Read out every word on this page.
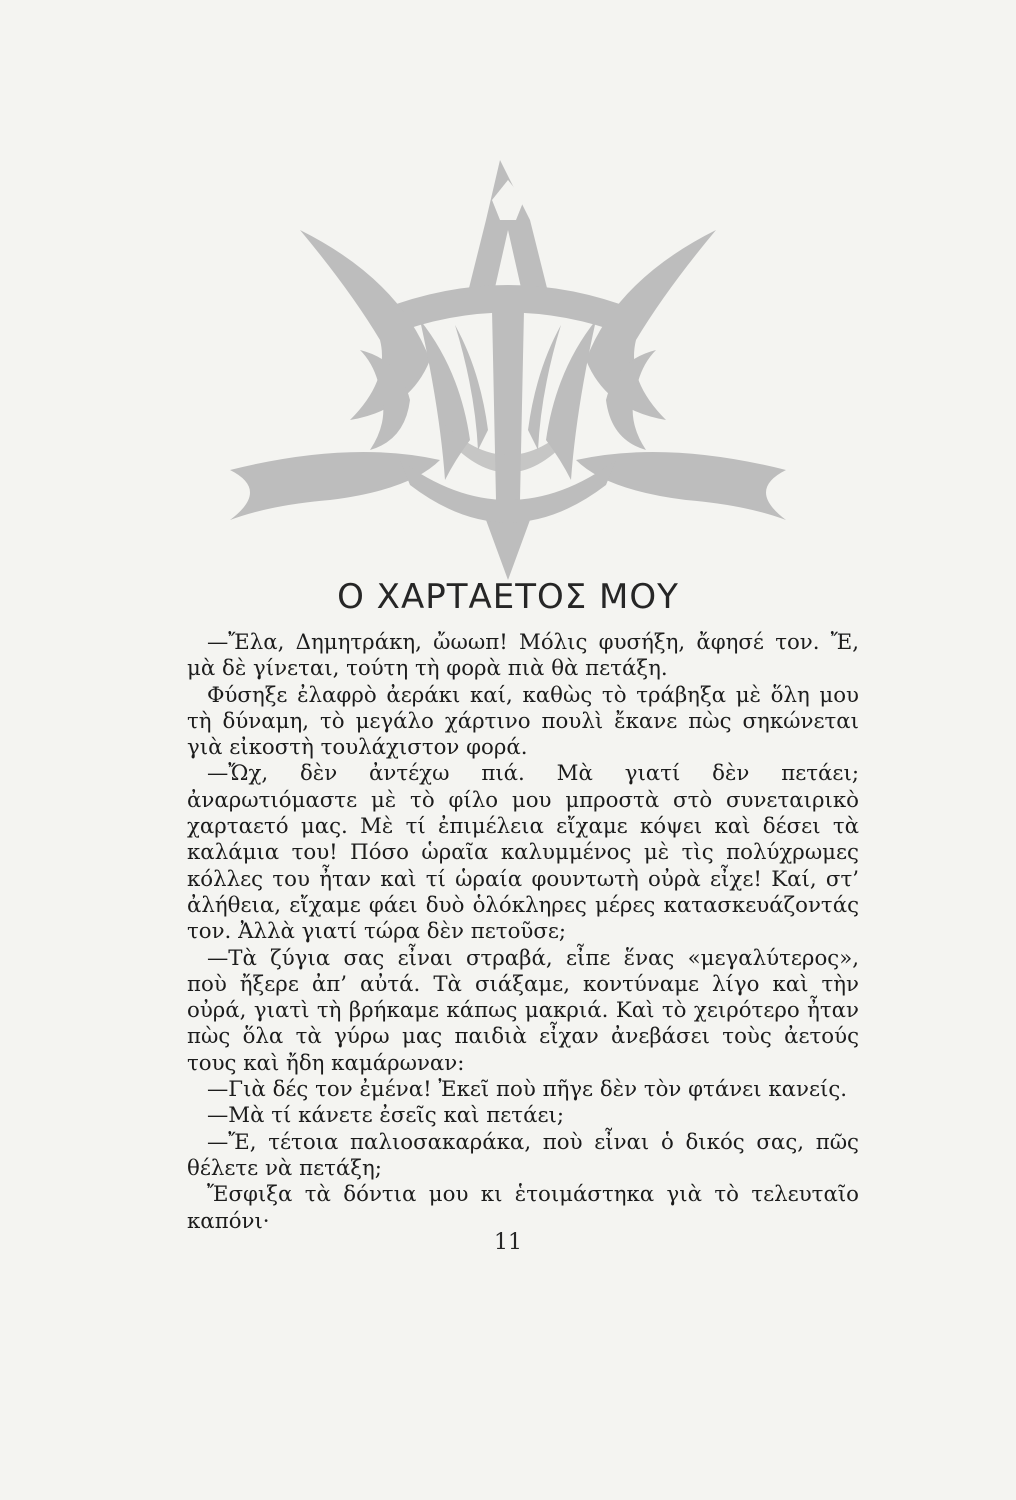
Ο ΧΑΡΤΑΕΤΟΣ ΜΟΥ

—Ἔλα, Δημητράκη, ὤωωπ! Μόλις φυσήξη, ἄφησέ τον. Ἔ, μὰ δὲ γίνεται, τούτη τὴ φορὰ πιὰ θὰ πετάξη.

Φύσηξε ἐλαφρὸ ἀεράκι καί, καθὼς τὸ τράβηξα μὲ ὅλη μου τὴ δύναμη, τὸ μεγάλο χάρτινο πουλὶ ἔκανε πὼς σηκώνεται γιὰ εἰκοστὴ τουλάχιστον φορά.

—Ὤχ, δὲν ἀντέχω πιά. Μὰ γιατί δὲν πετάει; ἀναρωτιόμαστε μὲ τὸ φίλο μου μπροστὰ στὸ συνεταιρικὸ χαρταετό μας. Μὲ τί ἐπιμέλεια εἴχαμε κόψει καὶ δέσει τὰ καλάμια του! Πόσο ὡραῖα καλυμμένος μὲ τὶς πολύχρωμες κόλλες του ἦταν καὶ τί ὡραία φουντωτὴ οὐρὰ εἶχε! Καί, στ’ ἀλήθεια, εἴχαμε φάει δυὸ ὁλόκληρες μέρες κατασκευάζοντάς τον. Ἀλλὰ γιατί τώρα δὲν πετοῦσε;

—Τὰ ζύγια σας εἶναι στραβά, εἶπε ἕνας «μεγαλύτερος», ποὺ ἤξερε ἀπ’ αὐτά. Τὰ σιάξαμε, κοντύναμε λίγο καὶ τὴν οὐρά, γιατὶ τὴ βρήκαμε κάπως μακριά. Καὶ τὸ χειρότερο ἦταν πὼς ὅλα τὰ γύρω μας παιδιὰ εἶχαν ἀνεβάσει τοὺς ἀετούς τους καὶ ἤδη καμάρωναν:

—Γιὰ δές τον ἐμένα! Ἐκεῖ ποὺ πῆγε δὲν τὸν φτάνει κανείς.

—Μὰ τί κάνετε ἐσεῖς καὶ πετάει;

—Ἔ, τέτοια παλιοσακαράκα, ποὺ εἶναι ὁ δικός σας, πῶς θέλετε νὰ πετάξη;

Ἔσφιξα τὰ δόντια μου κι ἑτοιμάστηκα γιὰ τὸ τελευταῖο καπόνι·

11
